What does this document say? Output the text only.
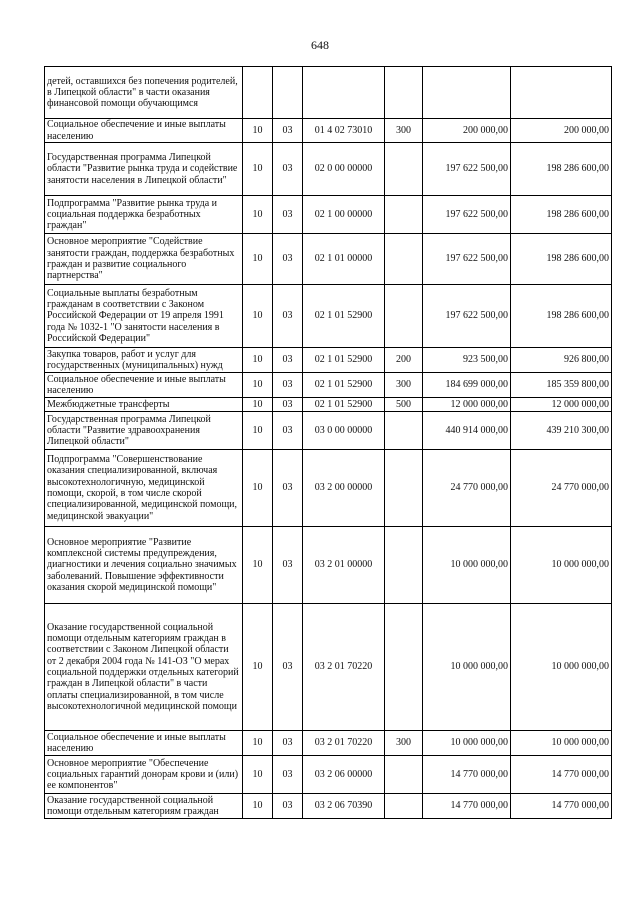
648
детей, оставшихся без попечения родителей, в Липецкой области" в части оказания финансовой помощи обучающимся						
Социальное обеспечение и иные выплаты населению	10	03	01 4 02 73010	300	200 000,00	200 000,00
Государственная программа Липецкой области "Развитие рынка труда и содействие занятости населения в Липецкой области"	10	03	02 0 00 00000		197 622 500,00	198 286 600,00
Подпрограмма "Развитие рынка труда и социальная поддержка безработных граждан"	10	03	02 1 00 00000		197 622 500,00	198 286 600,00
Основное мероприятие "Содействие занятости граждан, поддержка безработных граждан и развитие социального партнерства"	10	03	02 1 01 00000		197 622 500,00	198 286 600,00
Социальные выплаты безработным гражданам в соответствии с Законом Российской Федерации от 19 апреля 1991 года № 1032-1 "О занятости населения в Российской Федерации"	10	03	02 1 01 52900		197 622 500,00	198 286 600,00
Закупка товаров, работ и услуг для государственных (муниципальных) нужд	10	03	02 1 01 52900	200	923 500,00	926 800,00
Социальное обеспечение и иные выплаты населению	10	03	02 1 01 52900	300	184 699 000,00	185 359 800,00
Межбюджетные трансферты	10	03	02 1 01 52900	500	12 000 000,00	12 000 000,00
Государственная программа Липецкой области "Развитие здравоохранения Липецкой области"	10	03	03 0 00 00000		440 914 000,00	439 210 300,00
Подпрограмма "Совершенствование оказания специализированной, включая высокотехнологичную, медицинской помощи, скорой, в том числе скорой специализированной, медицинской помощи, медицинской эвакуации"	10	03	03 2 00 00000		24 770 000,00	24 770 000,00
Основное мероприятие "Развитие комплексной системы предупреждения, диагностики и лечения социально значимых заболеваний. Повышение эффективности оказания скорой медицинской помощи"	10	03	03 2 01 00000		10 000 000,00	10 000 000,00
Оказание государственной социальной помощи отдельным категориям граждан в соответствии с Законом Липецкой области от 2 декабря 2004 года № 141-ОЗ "О мерах социальной поддержки отдельных категорий граждан в Липецкой области" в части оплаты специализированной, в том числе высокотехнологичной медицинской помощи	10	03	03 2 01 70220		10 000 000,00	10 000 000,00
Социальное обеспечение и иные выплаты населению	10	03	03 2 01 70220	300	10 000 000,00	10 000 000,00
Основное мероприятие "Обеспечение социальных гарантий донорам крови и (или) ее компонентов"	10	03	03 2 06 00000		14 770 000,00	14 770 000,00
Оказание государственной социальной помощи отдельным категориям граждан	10	03	03 2 06 70390		14 770 000,00	14 770 000,00
